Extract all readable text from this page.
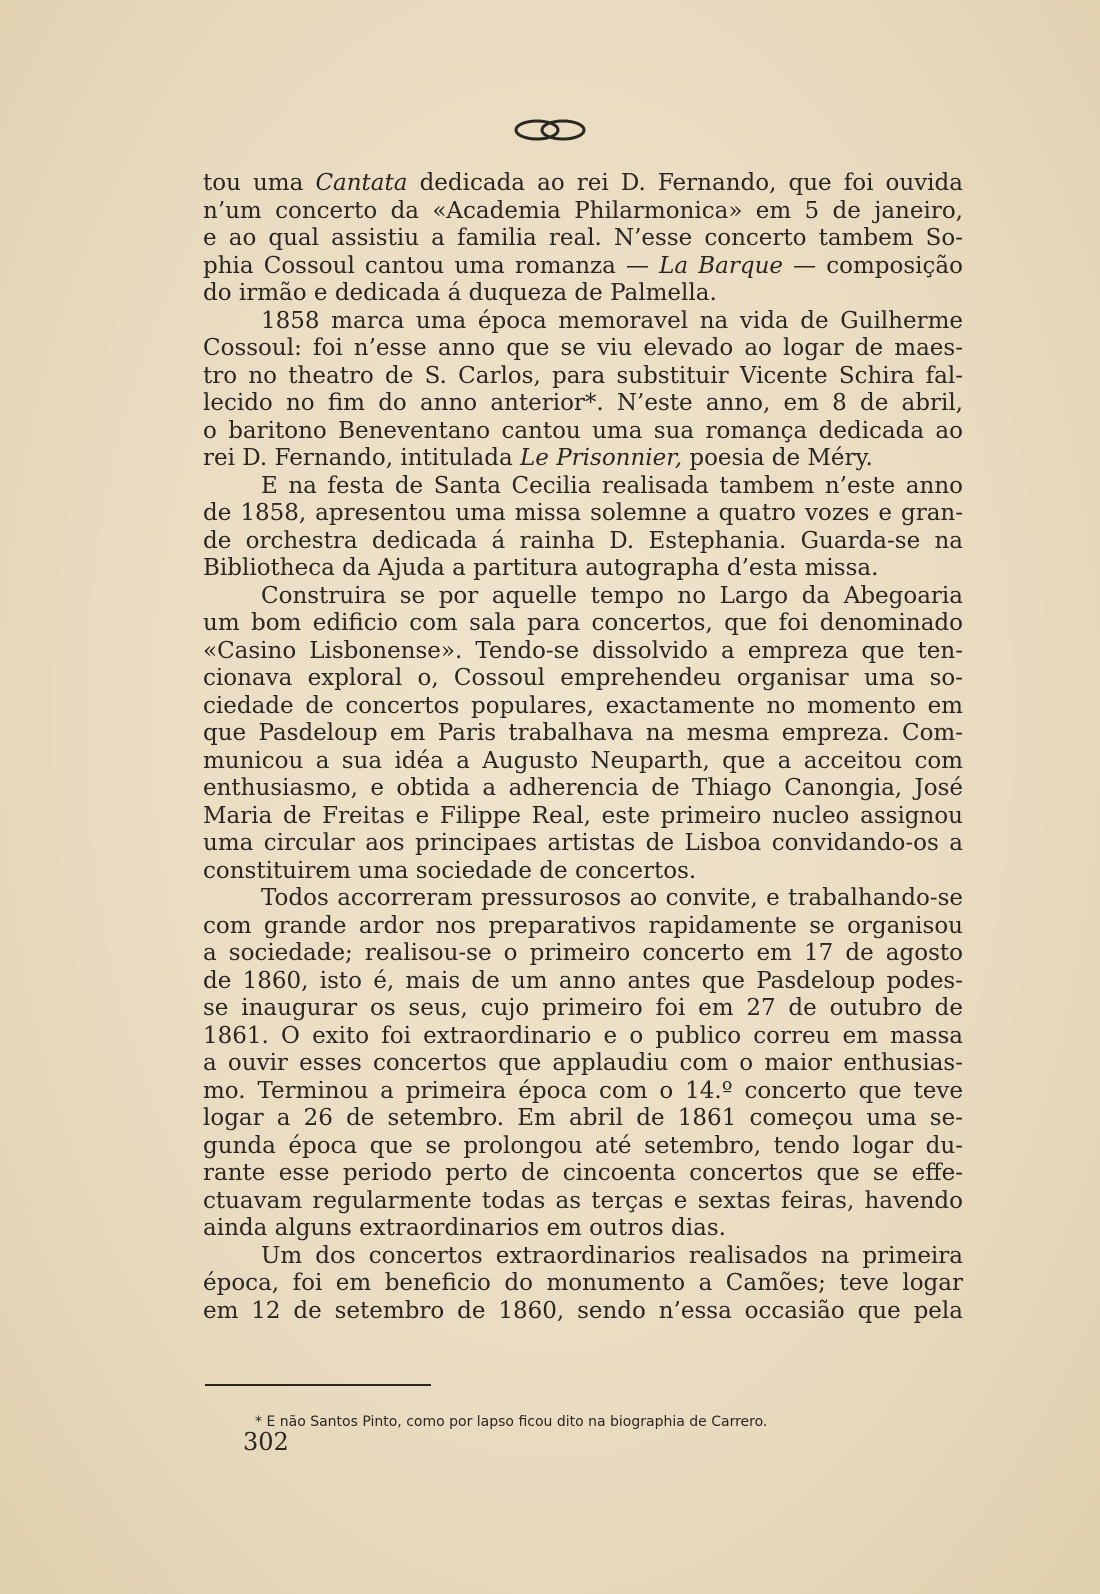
tou uma Cantata dedicada ao rei D. Fernando, que foi ouvida
n’um concerto da «Academia Philarmonica» em 5 de janeiro,
e ao qual assistiu a familia real. N’esse concerto tambem So-
phia Cossoul cantou uma romanza — La Barque — composição
do irmão e dedicada á duqueza de Palmella.
1858 marca uma época memoravel na vida de Guilherme
Cossoul: foi n’esse anno que se viu elevado ao logar de maes-
tro no theatro de S. Carlos, para substituir Vicente Schira fal-
lecido no fim do anno anterior*. N’este anno, em 8 de abril,
o baritono Beneventano cantou uma sua romança dedicada ao
rei D. Fernando, intitulada Le Prisonnier, poesia de Méry.
E na festa de Santa Cecilia realisada tambem n’este anno
de 1858, apresentou uma missa solemne a quatro vozes e gran-
de orchestra dedicada á rainha D. Estephania. Guarda-se na
Bibliotheca da Ajuda a partitura autographa d’esta missa.
Construira se por aquelle tempo no Largo da Abegoaria
um bom edificio com sala para concertos, que foi denominado
«Casino Lisbonense». Tendo-se dissolvido a empreza que ten-
cionava exploral o, Cossoul emprehendeu organisar uma so-
ciedade de concertos populares, exactamente no momento em
que Pasdeloup em Paris trabalhava na mesma empreza. Com-
municou a sua idéa a Augusto Neuparth, que a acceitou com
enthusiasmo, e obtida a adherencia de Thiago Canongia, José
Maria de Freitas e Filippe Real, este primeiro nucleo assignou
uma circular aos principaes artistas de Lisboa convidando-os a
constituirem uma sociedade de concertos.
Todos accorreram pressurosos ao convite, e trabalhando-se
com grande ardor nos preparativos rapidamente se organisou
a sociedade; realisou-se o primeiro concerto em 17 de agosto
de 1860, isto é, mais de um anno antes que Pasdeloup podes-
se inaugurar os seus, cujo primeiro foi em 27 de outubro de
1861. O exito foi extraordinario e o publico correu em massa
a ouvir esses concertos que applaudiu com o maior enthusias-
mo. Terminou a primeira época com o 14.º concerto que teve
logar a 26 de setembro. Em abril de 1861 começou uma se-
gunda época que se prolongou até setembro, tendo logar du-
rante esse periodo perto de cincoenta concertos que se effe-
ctuavam regularmente todas as terças e sextas feiras, havendo
ainda alguns extraordinarios em outros dias.
Um dos concertos extraordinarios realisados na primeira
época, foi em beneficio do monumento a Camões; teve logar
em 12 de setembro de 1860, sendo n’essa occasião que pela

* E não Santos Pinto, como por lapso ficou dito na biographia de Carrero.

302
